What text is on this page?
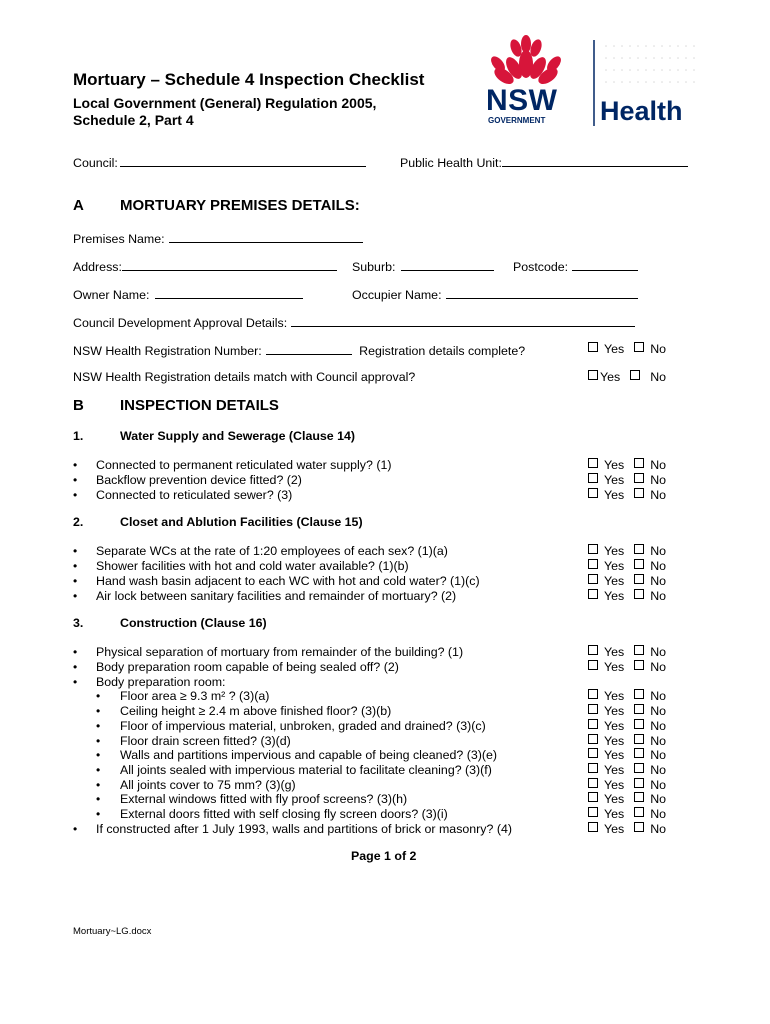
Mortuary – Schedule 4 Inspection Checklist
Local Government (General) Regulation 2005,
Schedule 2, Part 4
NSW
GOVERNMENT Health
Council:	Public Health Unit:
A MORTUARY PREMISES DETAILS:
Premises Name:
Address:	Suburb:	Postcode:
Owner Name:	Occupier Name:
Council Development Approval Details:
NSW Health Registration Number:	Registration details complete?	Yes No
NSW Health Registration details match with Council approval?	Yes No
B INSPECTION DETAILS
1.	Water Supply and Sewerage (Clause 14)
• Connected to permanent reticulated water supply? (1)	Yes No
• Backflow prevention device fitted? (2)	Yes No
• Connected to reticulated sewer? (3)	Yes No
2.	Closet and Ablution Facilities (Clause 15)
• Separate WCs at the rate of 1:20 employees of each sex? (1)(a)	Yes No
• Shower facilities with hot and cold water available? (1)(b)	Yes No
• Hand wash basin adjacent to each WC with hot and cold water? (1)(c)	Yes No
• Air lock between sanitary facilities and remainder of mortuary? (2)	Yes No
3.	Construction (Clause 16)
• Physical separation of mortuary from remainder of the building? (1)	Yes No
• Body preparation room capable of being sealed off? (2)	Yes No
• Body preparation room:
• Floor area ≥ 9.3 m² ? (3)(a)	Yes No
• Ceiling height ≥ 2.4 m above finished floor? (3)(b)	Yes No
• Floor of impervious material, unbroken, graded and drained? (3)(c)	Yes No
• Floor drain screen fitted? (3)(d)	Yes No
• Walls and partitions impervious and capable of being cleaned? (3)(e)	Yes No
• All joints sealed with impervious material to facilitate cleaning? (3)(f)	Yes No
• All joints cover to 75 mm? (3)(g)	Yes No
• External windows fitted with fly proof screens? (3)(h)	Yes No
• External doors fitted with self closing fly screen doors? (3)(i)	Yes No
• If constructed after 1 July 1993, walls and partitions of brick or masonry? (4)	Yes No
Page 1 of 2
Mortuary~LG.docx
